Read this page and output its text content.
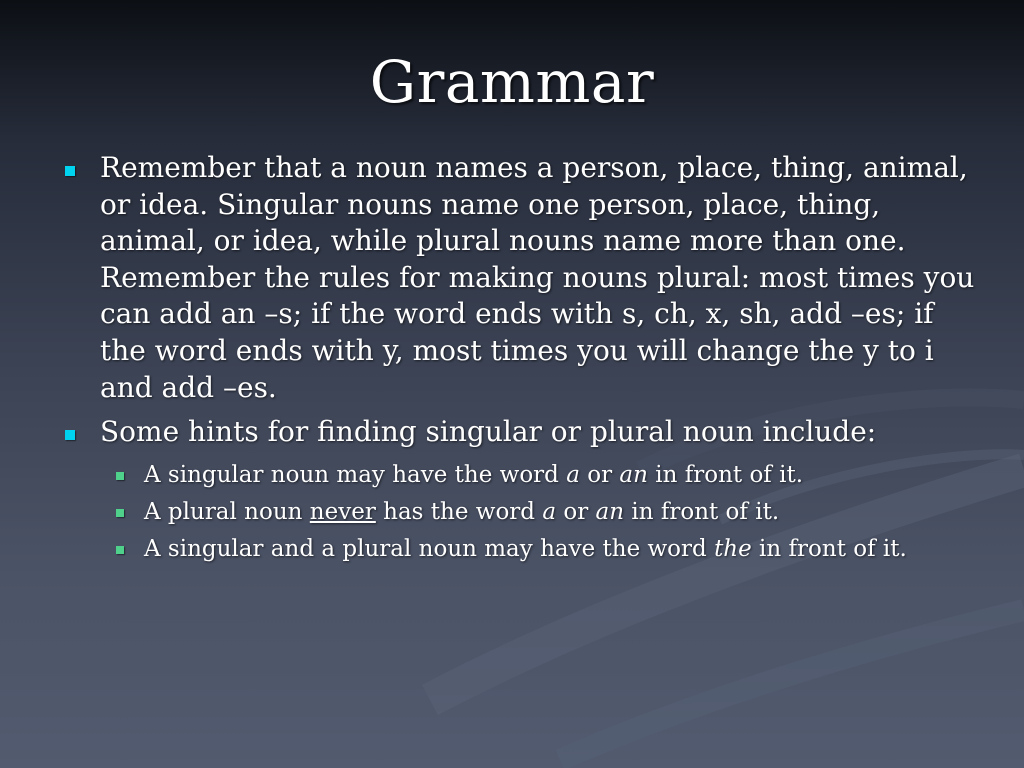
Grammar
Remember that a noun names a person, place, thing, animal, or idea. Singular nouns name one person, place, thing, animal, or idea, while plural nouns name more than one. Remember the rules for making nouns plural: most times you can add an –s; if the word ends with s, ch, x, sh, add –es; if the word ends with y, most times you will change the y to i and add –es.
Some hints for finding singular or plural noun include:
A singular noun may have the word a or an in front of it.
A plural noun never has the word a or an in front of it.
A singular and a plural noun may have the word the in front of it.
